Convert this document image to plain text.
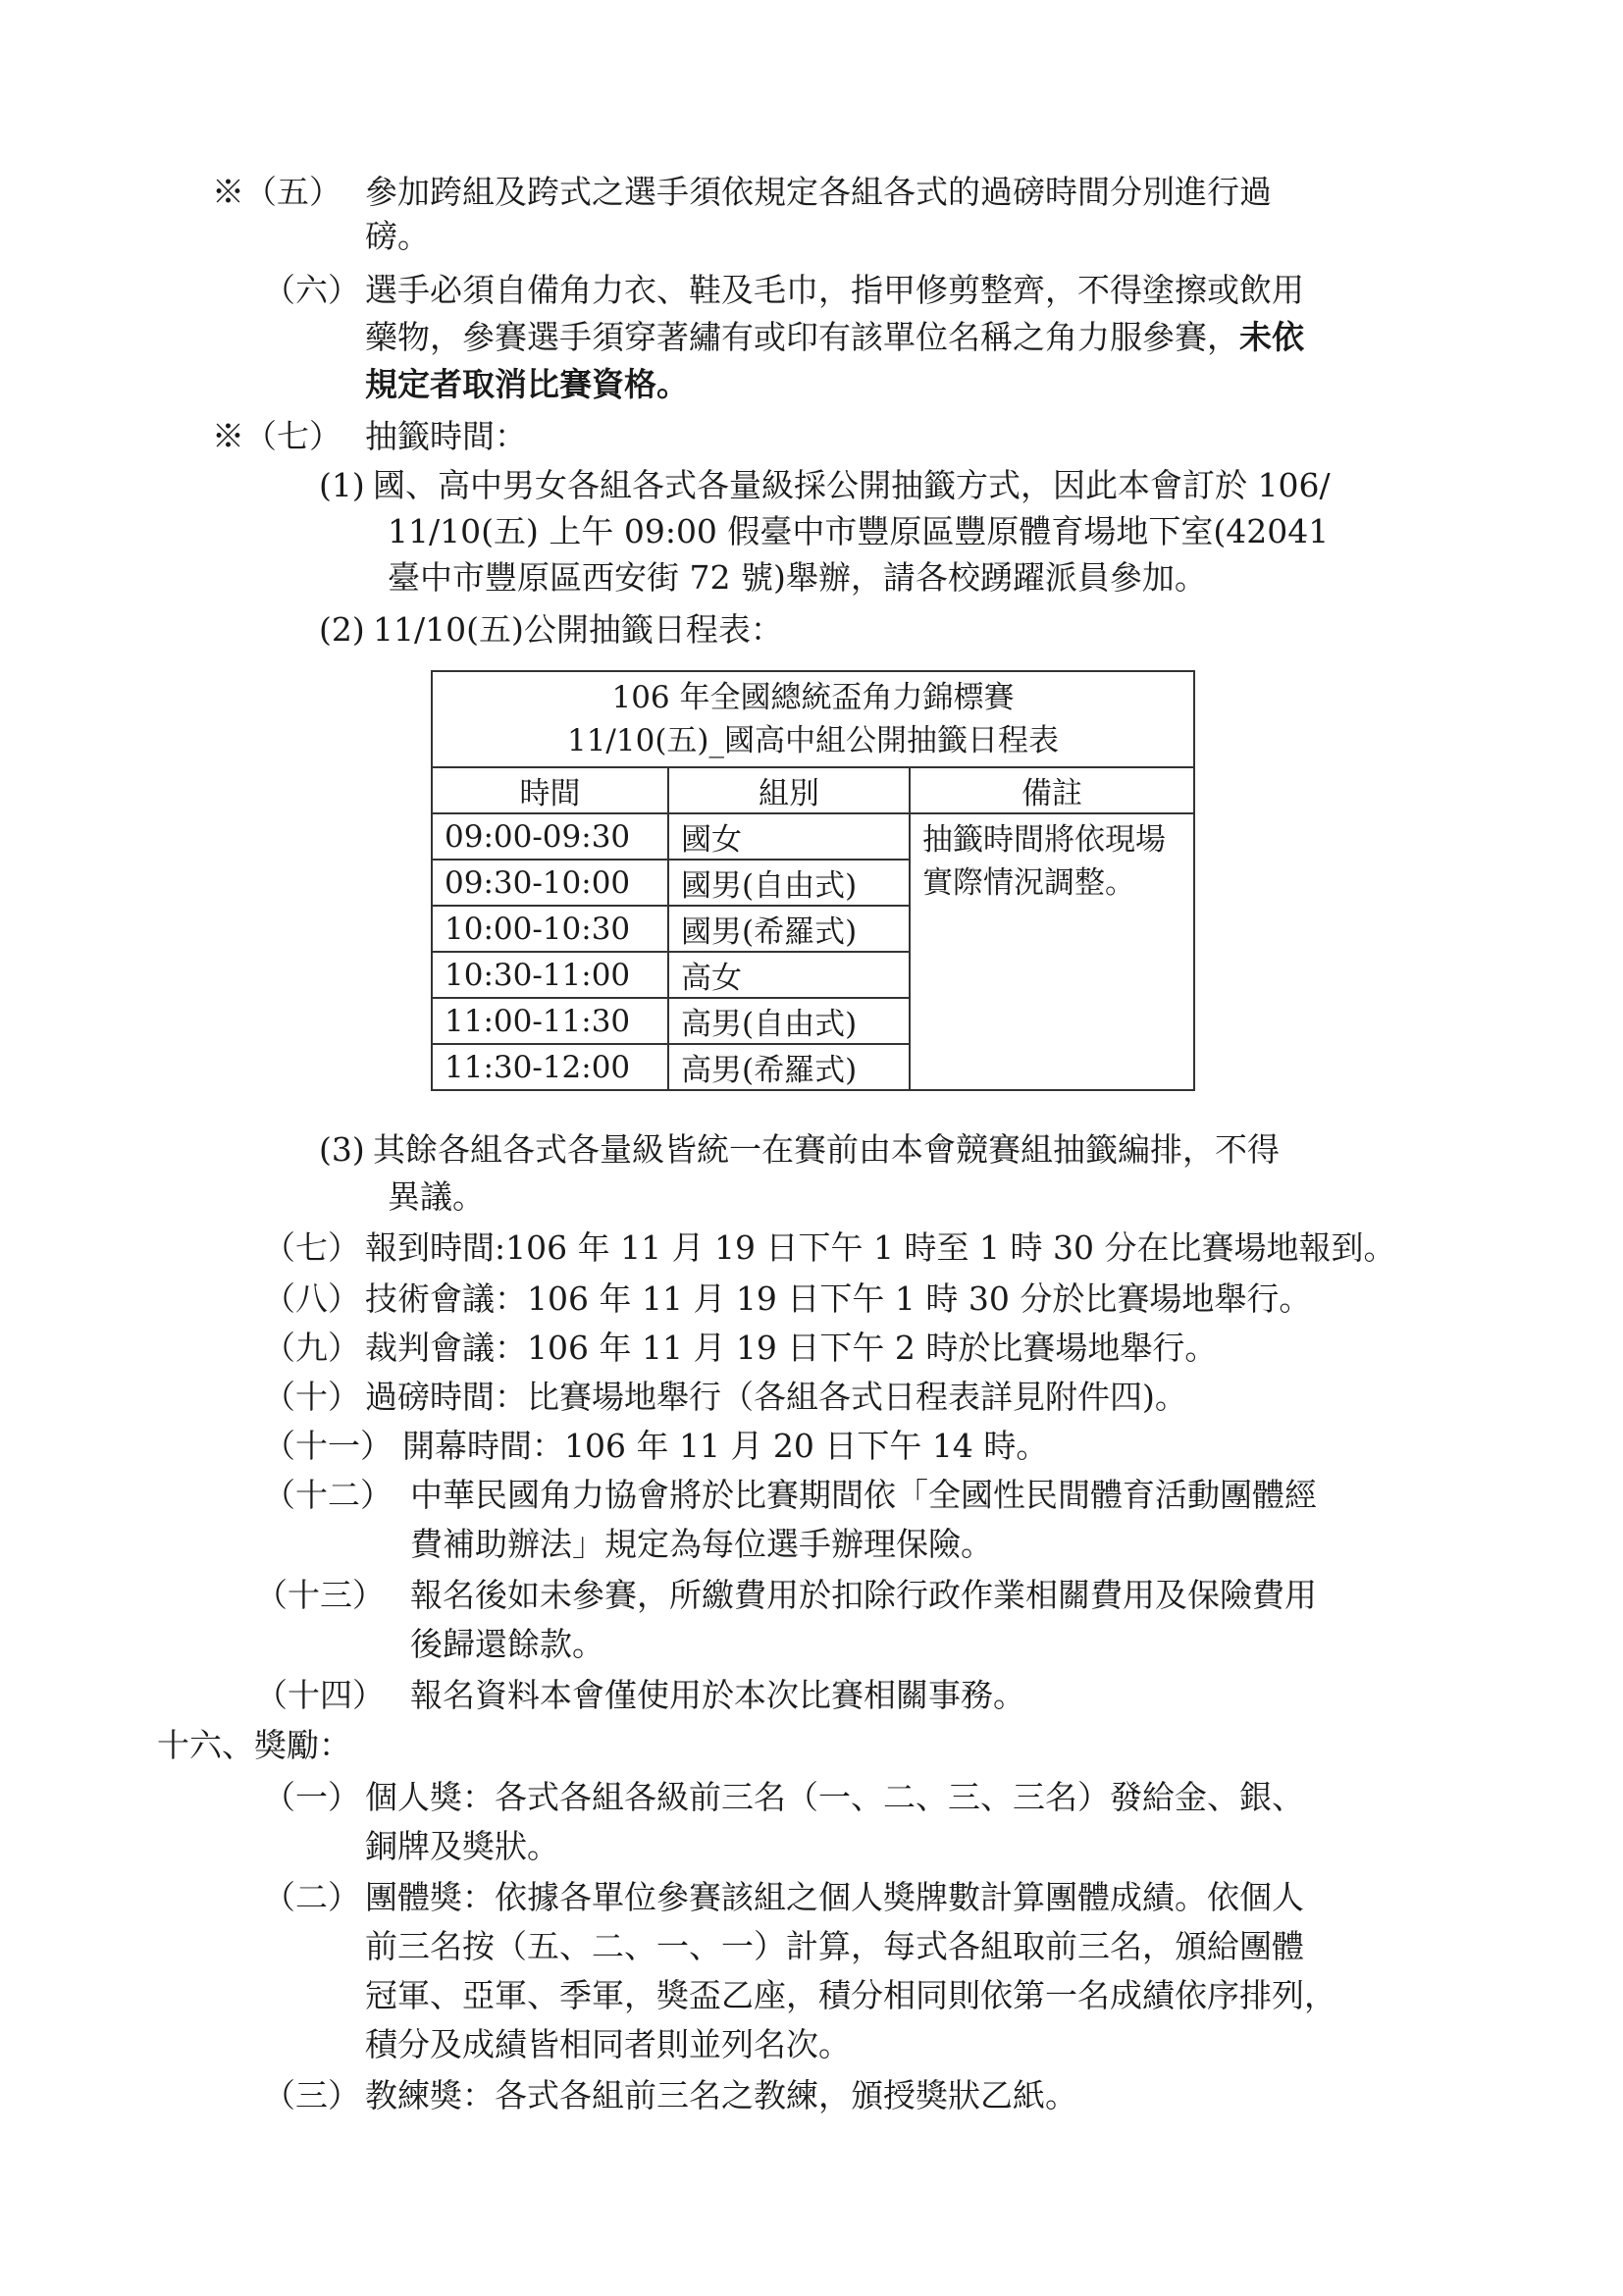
※（五） 參加跨組及跨式之選手須依規定各組各式的過磅時間分別進行過
磅。
（六） 選手必須自備角力衣、鞋及毛巾，指甲修剪整齊，不得塗擦或飲用
藥物，參賽選手須穿著繡有或印有該單位名稱之角力服參賽，未依
規定者取消比賽資格。
※（七） 抽籤時間：
(1) 國、高中男女各組各式各量級採公開抽籤方式，因此本會訂於 106/
11/10(五) 上午 09:00 假臺中市豐原區豐原體育場地下室(42041
臺中市豐原區西安街 72 號)舉辦，請各校踴躍派員參加。
(2) 11/10(五)公開抽籤日程表：
106 年全國總統盃角力錦標賽
11/10(五)_國高中組公開抽籤日程表		

時間	組別	備註
09:00-09:30	國女	抽籤時間將依現場實際情況調整。
09:30-10:00	國男(自由式)	
10:00-10:30	國男(希羅式)	
10:30-11:00	高女	
11:00-11:30	高男(自由式)	
11:30-12:00	高男(希羅式)	
(3) 其餘各組各式各量級皆統一在賽前由本會競賽組抽籤編排，不得
異議。
（七） 報到時間:106 年 11 月 19 日下午 1 時至 1 時 30 分在比賽場地報到。
（八） 技術會議：106 年 11 月 19 日下午 1 時 30 分於比賽場地舉行。
（九） 裁判會議：106 年 11 月 19 日下午 2 時於比賽場地舉行。
（十） 過磅時間：比賽場地舉行（各組各式日程表詳見附件四)。
（十一） 開幕時間：106 年 11 月 20 日下午 14 時。
（十二） 中華民國角力協會將於比賽期間依「全國性民間體育活動團體經
費補助辦法」規定為每位選手辦理保險。
（十三） 報名後如未參賽，所繳費用於扣除行政作業相關費用及保險費用
後歸還餘款。
（十四） 報名資料本會僅使用於本次比賽相關事務。
十六、獎勵：
（一） 個人獎：各式各組各級前三名（一、二、三、三名）發給金、銀、
銅牌及獎狀。
（二） 團體獎：依據各單位參賽該組之個人獎牌數計算團體成績。依個人
前三名按（五、二、一、一）計算，每式各組取前三名，頒給團體
冠軍、亞軍、季軍，獎盃乙座，積分相同則依第一名成績依序排列，
積分及成績皆相同者則並列名次。
（三） 教練獎：各式各組前三名之教練，頒授獎狀乙紙。
